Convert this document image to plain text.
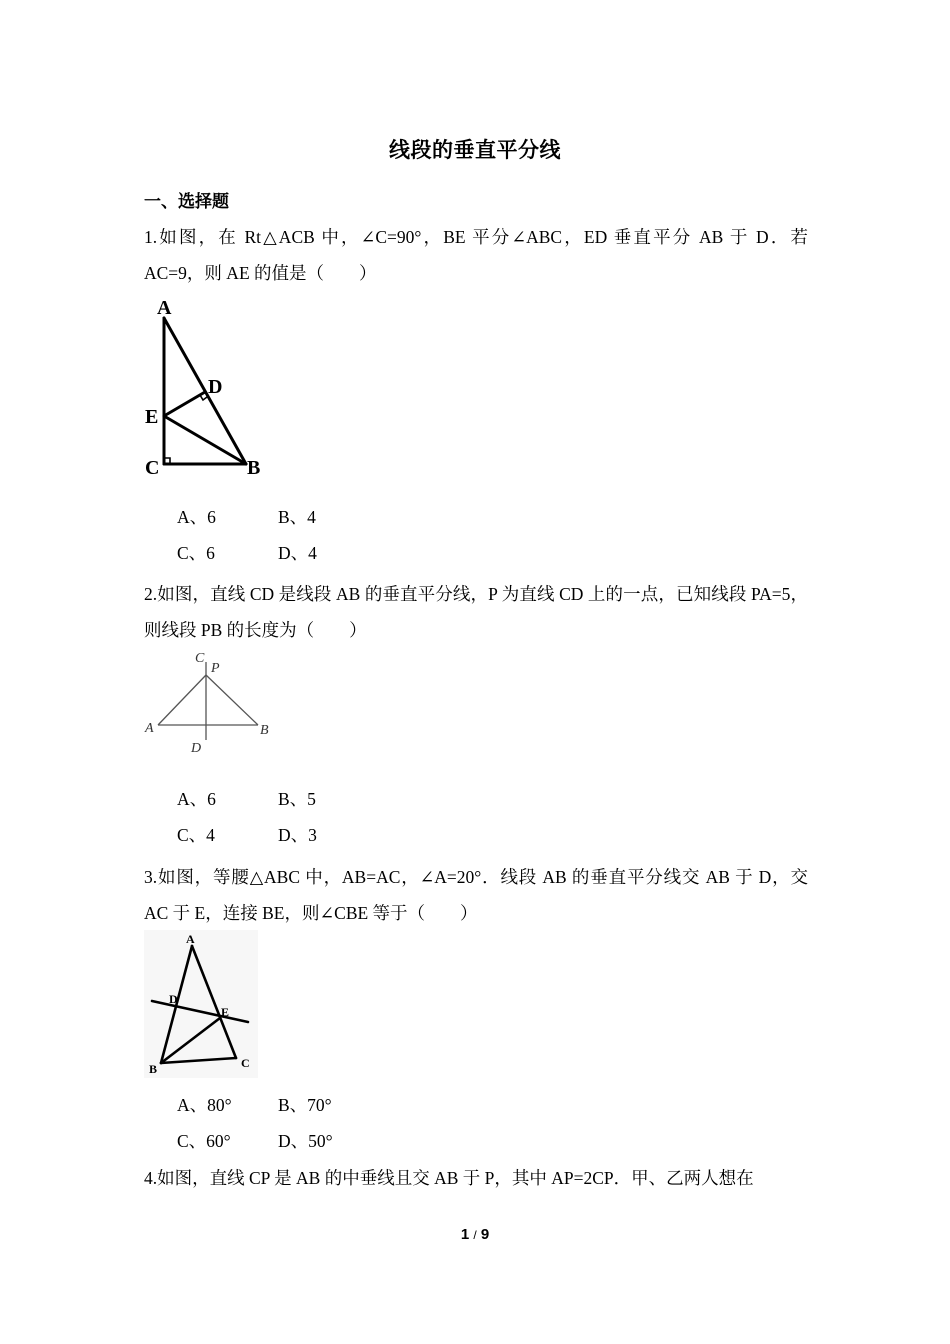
线段的垂直平分线
一、选择题
1.如图，在 Rt△ACB 中，∠C=90°，BE 平分∠ABC，ED 垂直平分 AB 于 D．若 AC=9，则 AE 的值是（　　）
A
D
E
C	B
A、6	B、4
C、6	D、4
2.如图，直线 CD 是线段 AB 的垂直平分线，P 为直线 CD 上的一点，已知线段 PA=5，则线段 PB 的长度为（　　）
C
P
A	B
D
A、6	B、5
C、4	D、3
3.如图，等腰△ABC 中，AB=AC，∠A=20°．线段 AB 的垂直平分线交 AB 于 D，交 AC 于 E，连接 BE，则∠CBE 等于（　　）
A
D
E
B	C
A、80°	B、70°
C、60°	D、50°
4.如图，直线 CP 是 AB 的中垂线且交 AB 于 P，其中 AP=2CP．甲、乙两人想在
1 / 9
